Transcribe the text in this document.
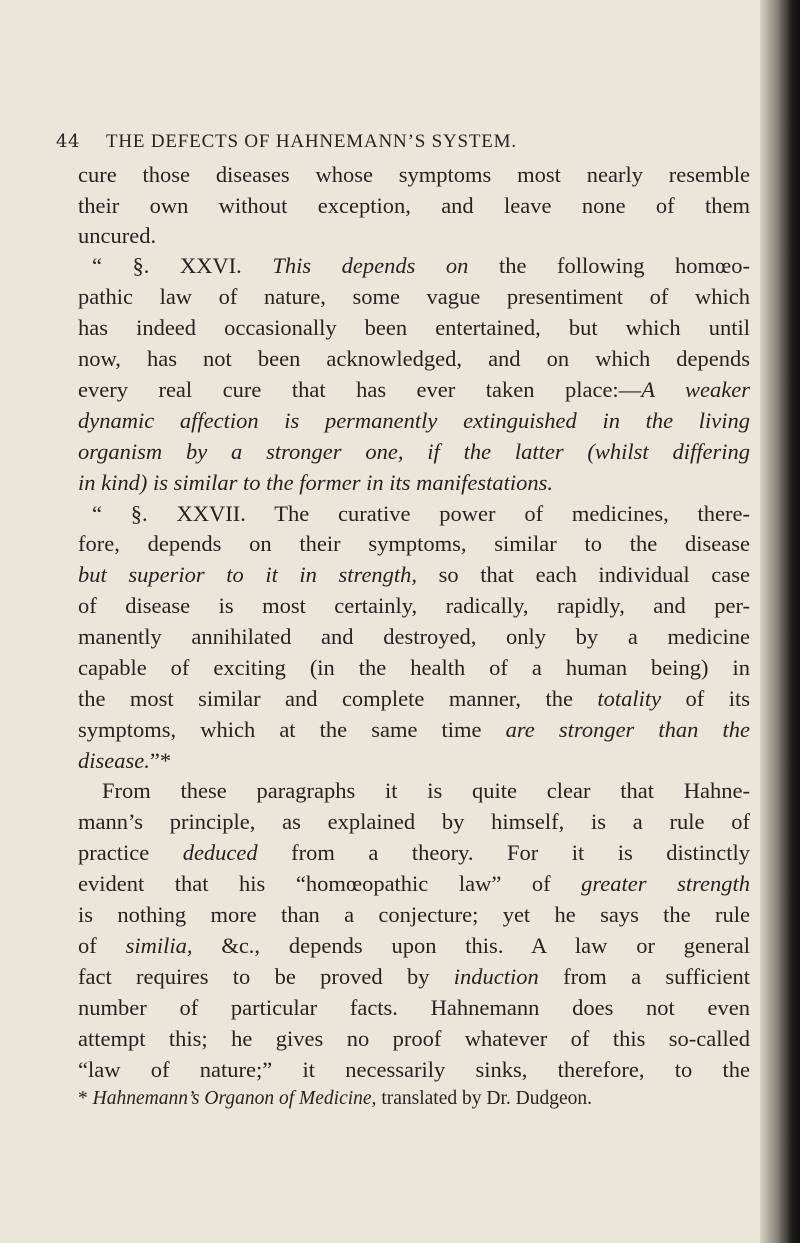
44 THE DEFECTS OF HAHNEMANN’S SYSTEM.
cure those diseases whose symptoms most nearly resemble
their own without exception, and leave none of them
uncured.
“ §. XXVI. This depends on the following homœo-
pathic law of nature, some vague presentiment of which
has indeed occasionally been entertained, but which until
now, has not been acknowledged, and on which depends
every real cure that has ever taken place:—A weaker
dynamic affection is permanently extinguished in the living
organism by a stronger one, if the latter (whilst differing
in kind) is similar to the former in its manifestations.
“ §. XXVII. The curative power of medicines, there-
fore, depends on their symptoms, similar to the disease
but superior to it in strength, so that each individual case
of disease is most certainly, radically, rapidly, and per-
manently annihilated and destroyed, only by a medicine
capable of exciting (in the health of a human being) in
the most similar and complete manner, the totality of its
symptoms, which at the same time are stronger than the
disease.”*
From these paragraphs it is quite clear that Hahne-
mann’s principle, as explained by himself, is a rule of
practice deduced from a theory. For it is distinctly
evident that his “homœopathic law” of greater strength
is nothing more than a conjecture; yet he says the rule
of similia, &c., depends upon this. A law or general
fact requires to be proved by induction from a sufficient
number of particular facts. Hahnemann does not even
attempt this; he gives no proof whatever of this so-called
“law of nature;” it necessarily sinks, therefore, to the
* Hahnemann’s Organon of Medicine, translated by Dr. Dudgeon.
